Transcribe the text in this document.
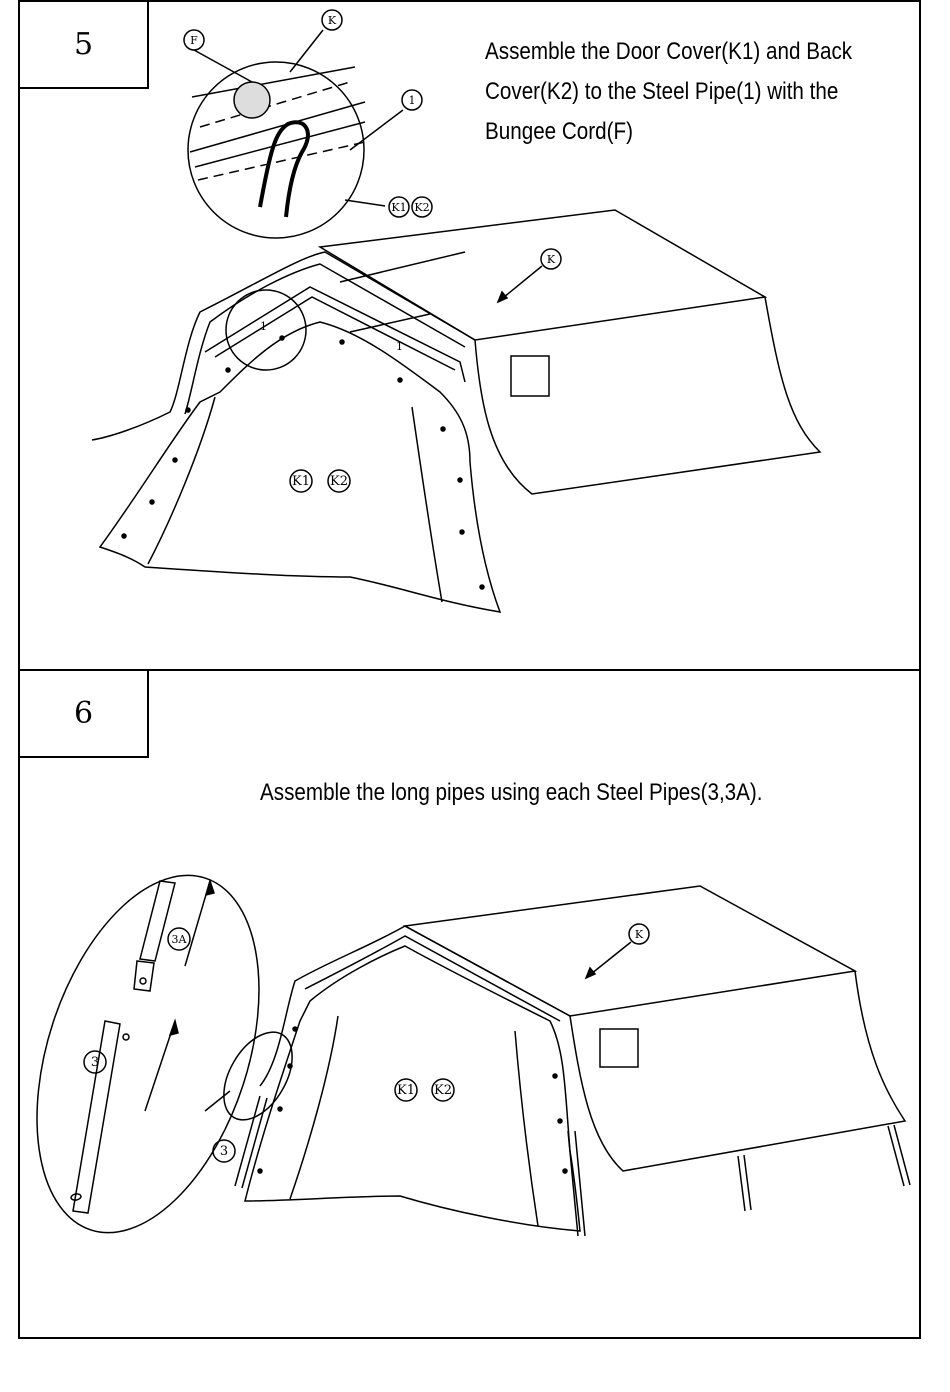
5	Assemble the Door Cover(K1) and Back
Cover(K2) to the Steel Pipe(1) with the
Bungee Cord(F)
F
K
1
K1 K2
1
1
K
K1 K2
6
Assemble the long pipes using each Steel Pipes(3,3A).
3A
3
K
3
K1 K2
